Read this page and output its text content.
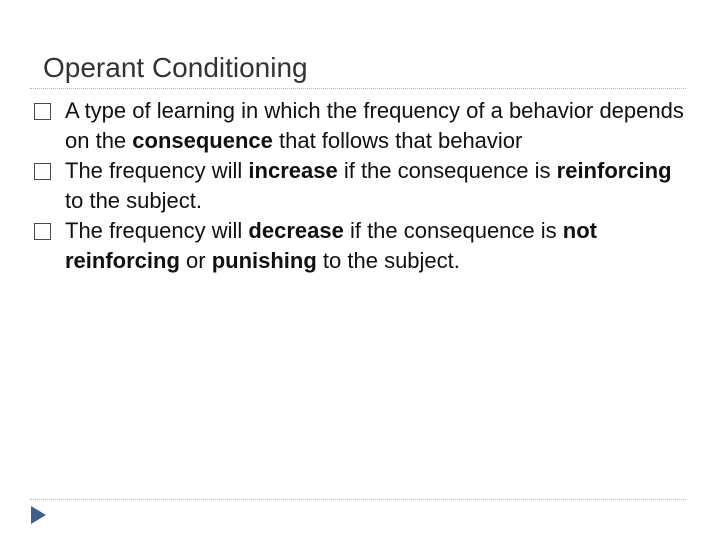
Operant Conditioning
A type of learning in which the frequency of a behavior depends on the consequence that follows that behavior
The frequency will increase if the consequence is reinforcing to the subject.
The frequency will decrease if the consequence is not reinforcing or punishing to the subject.
